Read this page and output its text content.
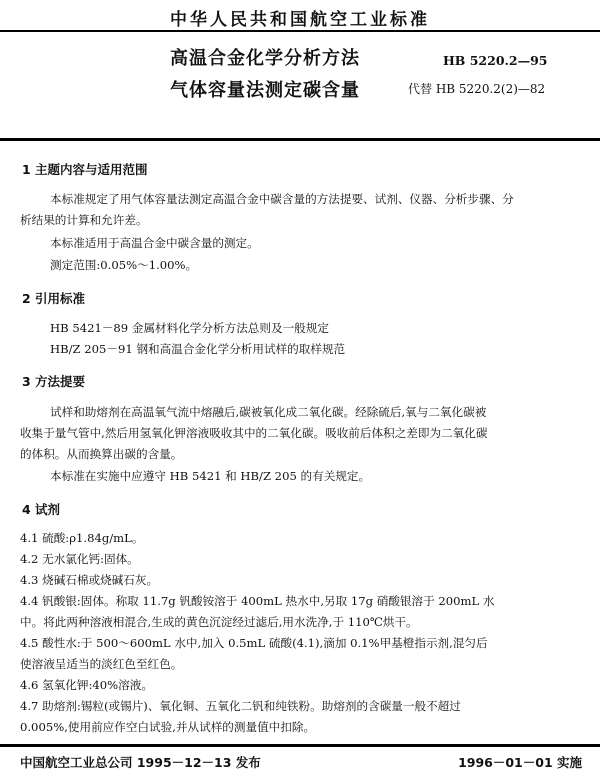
中华人民共和国航空工业标准
高温合金化学分析方法
气体容量法测定碳含量
HB 5220.2—95
代替 HB 5220.2(2)—82
1 主题内容与适用范围
本标准规定了用气体容量法测定高温合金中碳含量的方法提要、试剂、仪器、分析步骤、分
析结果的计算和允许差。
本标准适用于高温合金中碳含量的测定。
测定范围:0.05%～1.00%。
2 引用标准
HB 5421－89 金属材料化学分析方法总则及一般规定
HB/Z 205－91 钢和高温合金化学分析用试样的取样规范
3 方法提要
试样和助熔剂在高温氧气流中熔融后,碳被氧化成二氧化碳。经除硫后,氧与二氧化碳被
收集于量气管中,然后用氢氧化钾溶液吸收其中的二氧化碳。吸收前后体积之差即为二氧化碳
的体积。从而换算出碳的含量。
本标准在实施中应遵守 HB 5421 和 HB/Z 205 的有关规定。
4 试剂
4.1 硫酸:ρ1.84g/mL。
4.2 无水氯化钙:固体。
4.3 烧碱石棉或烧碱石灰。
4.4 钒酸银:固体。称取 11.7g 钒酸铵溶于 400mL 热水中,另取 17g 硝酸银溶于 200mL 水
中。将此两种溶液相混合,生成的黄色沉淀经过滤后,用水洗净,于 110℃烘干。
4.5 酸性水:于 500～600mL 水中,加入 0.5mL 硫酸(4.1),滴加 0.1%甲基橙指示剂,混匀后
使溶液呈适当的淡红色至红色。
4.6 氢氧化钾:40%溶液。
4.7 助熔剂:锡粒(或锡片)、氧化铜、五氧化二钒和纯铁粉。助熔剂的含碳量一般不超过
0.005%,使用前应作空白试验,并从试样的测量值中扣除。
中国航空工业总公司 1995－12－13 发布	1996－01－01 实施
